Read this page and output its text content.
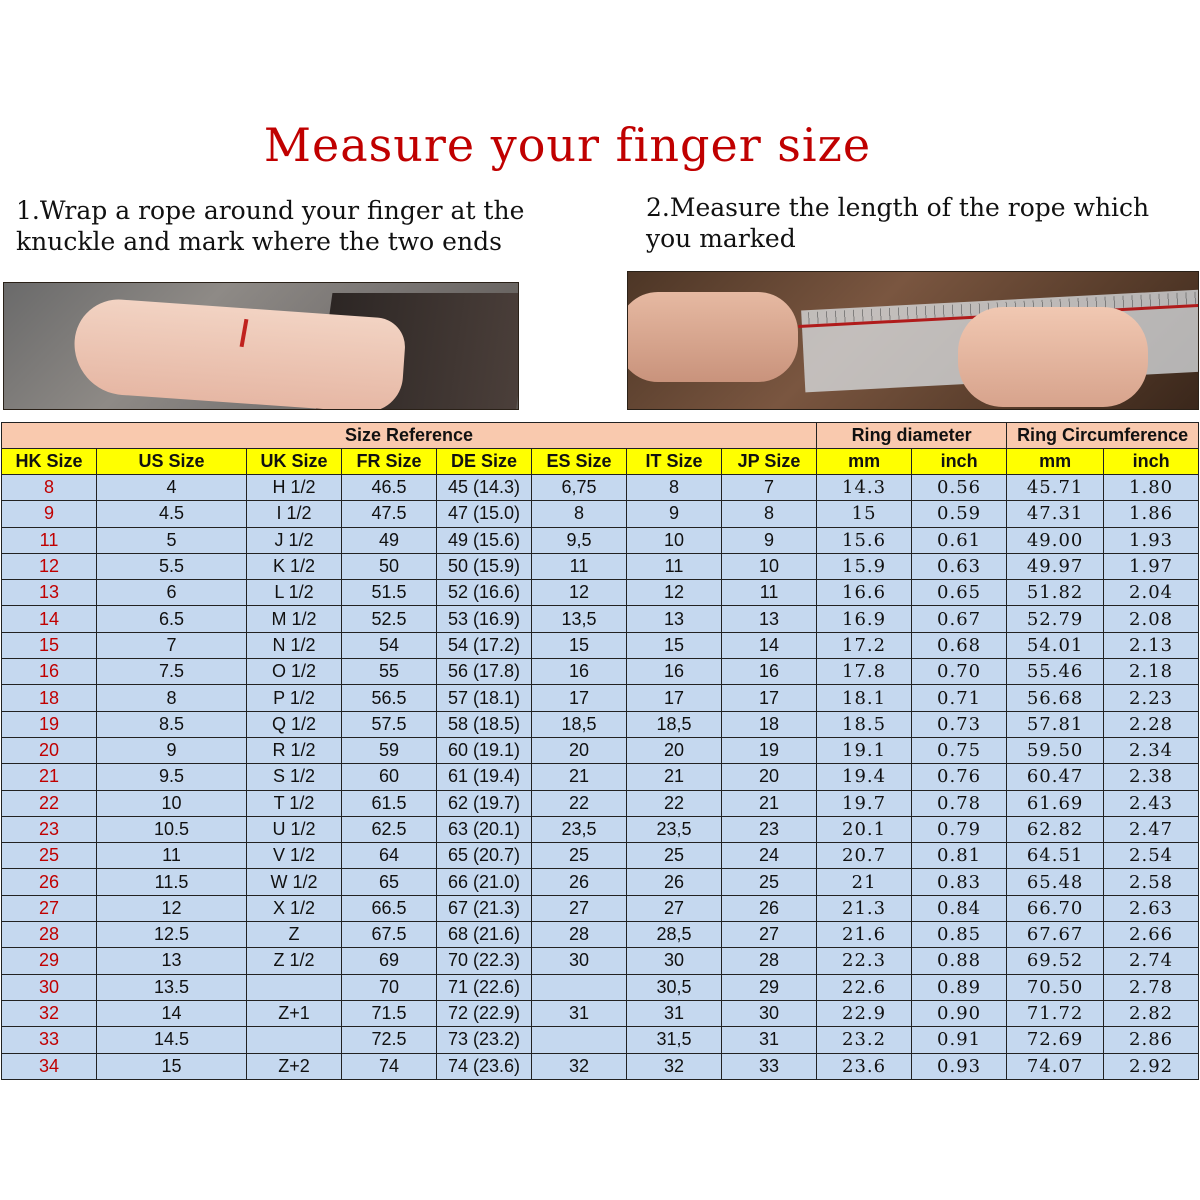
Measure your finger size
1.Wrap a rope around your finger at the knuckle and mark where the two ends
2.Measure the length of the rope which you marked
Size Reference								Ring diameter		Ring Circumference	
HK Size	US Size	UK Size	FR Size	DE Size	ES Size	IT Size	JP Size	mm	inch	mm	inch
8	4	H 1/2	46.5	45 (14.3)	6,75	8	7	14.3	0.56	45.71	1.80
9	4.5	I 1/2	47.5	47 (15.0)	8	9	8	15	0.59	47.31	1.86
11	5	J 1/2	49	49 (15.6)	9,5	10	9	15.6	0.61	49.00	1.93
12	5.5	K 1/2	50	50 (15.9)	11	11	10	15.9	0.63	49.97	1.97
13	6	L 1/2	51.5	52 (16.6)	12	12	11	16.6	0.65	51.82	2.04
14	6.5	M 1/2	52.5	53 (16.9)	13,5	13	13	16.9	0.67	52.79	2.08
15	7	N 1/2	54	54 (17.2)	15	15	14	17.2	0.68	54.01	2.13
16	7.5	O 1/2	55	56 (17.8)	16	16	16	17.8	0.70	55.46	2.18
18	8	P 1/2	56.5	57 (18.1)	17	17	17	18.1	0.71	56.68	2.23
19	8.5	Q 1/2	57.5	58 (18.5)	18,5	18,5	18	18.5	0.73	57.81	2.28
20	9	R 1/2	59	60 (19.1)	20	20	19	19.1	0.75	59.50	2.34
21	9.5	S 1/2	60	61 (19.4)	21	21	20	19.4	0.76	60.47	2.38
22	10	T 1/2	61.5	62 (19.7)	22	22	21	19.7	0.78	61.69	2.43
23	10.5	U 1/2	62.5	63 (20.1)	23,5	23,5	23	20.1	0.79	62.82	2.47
25	11	V 1/2	64	65 (20.7)	25	25	24	20.7	0.81	64.51	2.54
26	11.5	W 1/2	65	66 (21.0)	26	26	25	21	0.83	65.48	2.58
27	12	X 1/2	66.5	67 (21.3)	27	27	26	21.3	0.84	66.70	2.63
28	12.5	Z	67.5	68 (21.6)	28	28,5	27	21.6	0.85	67.67	2.66
29	13	Z 1/2	69	70 (22.3)	30	30	28	22.3	0.88	69.52	2.74
30	13.5		70	71 (22.6)		30,5	29	22.6	0.89	70.50	2.78
32	14	Z+1	71.5	72 (22.9)	31	31	30	22.9	0.90	71.72	2.82
33	14.5		72.5	73 (23.2)		31,5	31	23.2	0.91	72.69	2.86
34	15	Z+2	74	74 (23.6)	32	32	33	23.6	0.93	74.07	2.92
